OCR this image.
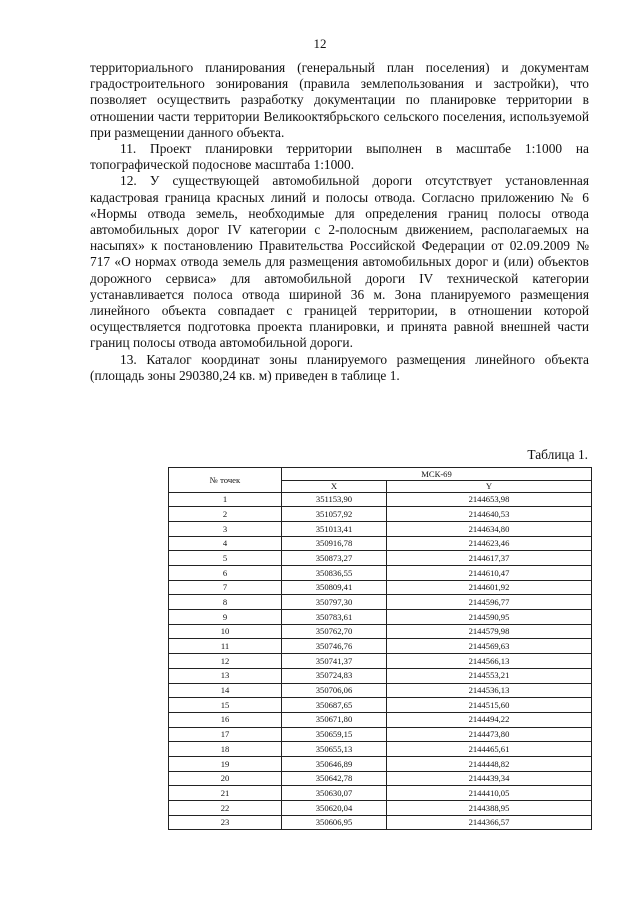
12

территориального планирования (генеральный план поселения) и документам градостроительного зонирования (правила землепользования и застройки), что позволяет осуществить разработку документации по планировке территории в отношении части территории Великооктябрьского сельского поселения, используемой при размещении данного объекта.

11. Проект планировки территории выполнен в масштабе 1:1000 на топографической подоснове масштаба 1:1000.

12. У существующей автомобильной дороги отсутствует установленная кадастровая граница красных линий и полосы отвода. Согласно приложению № 6 «Нормы отвода земель, необходимые для определения границ полосы отвода автомобильных дорог IV категории с 2-полосным движением, располагаемых на насыпях» к постановлению Правительства Российской Федерации от 02.09.2009 № 717 «О нормах отвода земель для размещения автомобильных дорог и (или) объектов дорожного сервиса» для автомобильной дороги IV технической категории устанавливается полоса отвода шириной 36 м. Зона планируемого размещения линейного объекта совпадает с границей территории, в отношении которой осуществляется подготовка проекта планировки, и принята равной внешней части границ полосы отвода автомобильной дороги.

13. Каталог координат зоны планируемого размещения линейного объекта (площадь зоны 290380,24 кв. м) приведен в таблице 1.

Таблица 1.
№ точек	МСК-69	
	X	Y
1	351153,90	2144653,98
2	351057,92	2144640,53
3	351013,41	2144634,80
4	350916,78	2144623,46
5	350873,27	2144617,37
6	350836,55	2144610,47
7	350809,41	2144601,92
8	350797,30	2144596,77
9	350783,61	2144590,95
10	350762,70	2144579,98
11	350746,76	2144569,63
12	350741,37	2144566,13
13	350724,83	2144553,21
14	350706,06	2144536,13
15	350687,65	2144515,60
16	350671,80	2144494,22
17	350659,15	2144473,80
18	350655,13	2144465,61
19	350646,89	2144448,82
20	350642,78	2144439,34
21	350630,07	2144410,05
22	350620,04	2144388,95
23	350606,95	2144366,57
